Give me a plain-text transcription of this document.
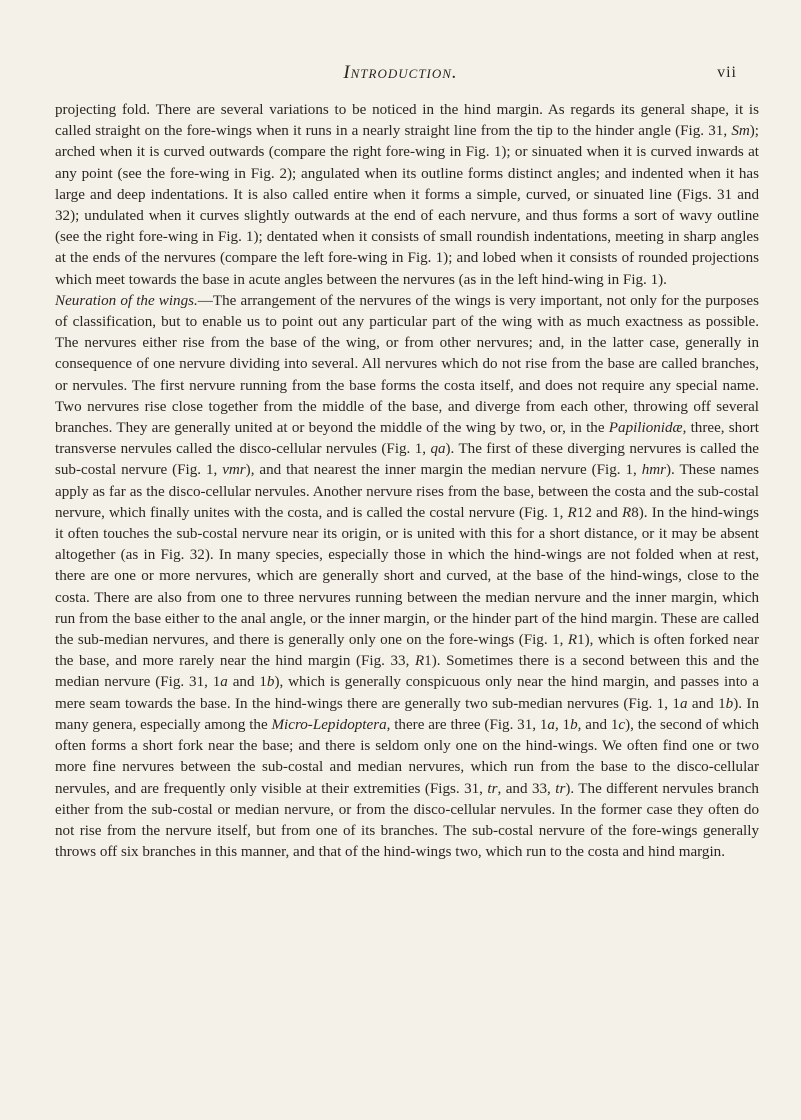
Introduction.	vii

projecting fold. There are several variations to be noticed in the hind margin. As regards its general shape, it is called straight on the fore-wings when it runs in a nearly straight line from the tip to the hinder angle (Fig. 31, Sm); arched when it is curved outwards (compare the right fore-wing in Fig. 1); or sinuated when it is curved inwards at any point (see the fore-wing in Fig. 2); angulated when its outline forms distinct angles; and indented when it has large and deep indentations. It is also called entire when it forms a simple, curved, or sinuated line (Figs. 31 and 32); undulated when it curves slightly outwards at the end of each nervure, and thus forms a sort of wavy outline (see the right fore-wing in Fig. 1); dentated when it consists of small roundish indentations, meeting in sharp angles at the ends of the nervures (compare the left fore-wing in Fig. 1); and lobed when it consists of rounded projections which meet towards the base in acute angles between the nervures (as in the left hind-wing in Fig. 1).

Neuration of the wings.—The arrangement of the nervures of the wings is very important, not only for the purposes of classification, but to enable us to point out any particular part of the wing with as much exactness as possible. The nervures either rise from the base of the wing, or from other nervures; and, in the latter case, generally in consequence of one nervure dividing into several. All nervures which do not rise from the base are called branches, or nervules. The first nervure running from the base forms the costa itself, and does not require any special name. Two nervures rise close together from the middle of the base, and diverge from each other, throwing off several branches. They are generally united at or beyond the middle of the wing by two, or, in the Papilionidæ, three, short transverse nervules called the disco-cellular nervules (Fig. 1, qa). The first of these diverging nervures is called the sub-costal nervure (Fig. 1, vmr), and that nearest the inner margin the median nervure (Fig. 1, hmr). These names apply as far as the disco-cellular nervules. Another nervure rises from the base, between the costa and the sub-costal nervure, which finally unites with the costa, and is called the costal nervure (Fig. 1, R12 and R8). In the hind-wings it often touches the sub-costal nervure near its origin, or is united with this for a short distance, or it may be absent altogether (as in Fig. 32). In many species, especially those in which the hind-wings are not folded when at rest, there are one or more nervures, which are generally short and curved, at the base of the hind-wings, close to the costa. There are also from one to three nervures running between the median nervure and the inner margin, which run from the base either to the anal angle, or the inner margin, or the hinder part of the hind margin. These are called the sub-median nervures, and there is generally only one on the fore-wings (Fig. 1, R1), which is often forked near the base, and more rarely near the hind margin (Fig. 33, R1). Sometimes there is a second between this and the median nervure (Fig. 31, 1a and 1b), which is generally conspicuous only near the hind margin, and passes into a mere seam towards the base. In the hind-wings there are generally two sub-median nervures (Fig. 1, 1a and 1b). In many genera, especially among the Micro-Lepidoptera, there are three (Fig. 31, 1a, 1b, and 1c), the second of which often forms a short fork near the base; and there is seldom only one on the hind-wings. We often find one or two more fine nervures between the sub-costal and median nervures, which run from the base to the disco-cellular nervules, and are frequently only visible at their extremities (Figs. 31, tr, and 33, tr). The different nervules branch either from the sub-costal or median nervure, or from the disco-cellular nervules. In the former case they often do not rise from the nervure itself, but from one of its branches. The sub-costal nervure of the fore-wings generally throws off six branches in this manner, and that of the hind-wings two, which run to the costa and hind margin.
